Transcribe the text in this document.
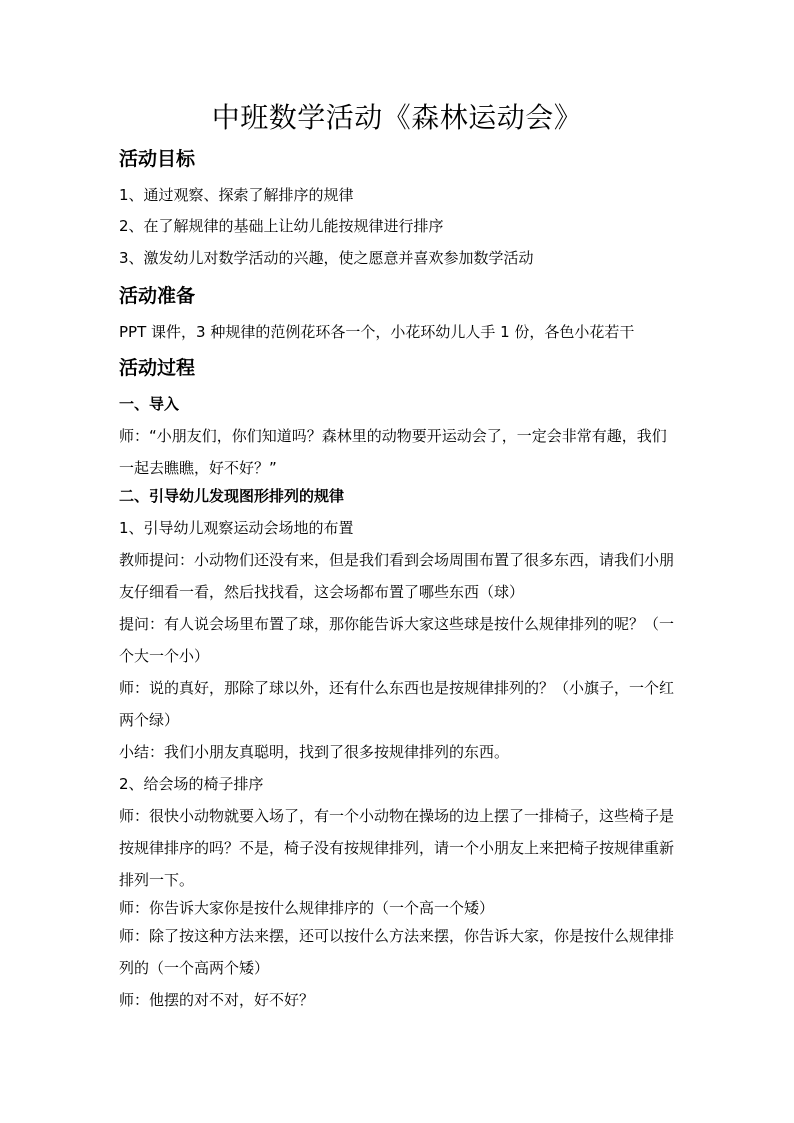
中班数学活动《森林运动会》
活动目标
1、通过观察、探索了解排序的规律
2、在了解规律的基础上让幼儿能按规律进行排序
3、激发幼儿对数学活动的兴趣，使之愿意并喜欢参加数学活动
活动准备
PPT 课件，3 种规律的范例花环各一个，小花环幼儿人手 1 份，各色小花若干
活动过程
一、导入
师：“小朋友们，你们知道吗？森林里的动物要开运动会了，一定会非常有趣，我们一起去瞧瞧，好不好？”
二、引导幼儿发现图形排列的规律
1、引导幼儿观察运动会场地的布置
教师提问：小动物们还没有来，但是我们看到会场周围布置了很多东西，请我们小朋友仔细看一看，然后找找看，这会场都布置了哪些东西（球）
提问：有人说会场里布置了球，那你能告诉大家这些球是按什么规律排列的呢？（一个大一个小）
师：说的真好，那除了球以外，还有什么东西也是按规律排列的？（小旗子，一个红两个绿）
小结：我们小朋友真聪明，找到了很多按规律排列的东西。
2、给会场的椅子排序
师：很快小动物就要入场了，有一个小动物在操场的边上摆了一排椅子，这些椅子是按规律排序的吗？不是，椅子没有按规律排列，请一个小朋友上来把椅子按规律重新排列一下。
师：你告诉大家你是按什么规律排序的（一个高一个矮）
师：除了按这种方法来摆，还可以按什么方法来摆，你告诉大家，你是按什么规律排列的（一个高两个矮）
师：他摆的对不对，好不好？
